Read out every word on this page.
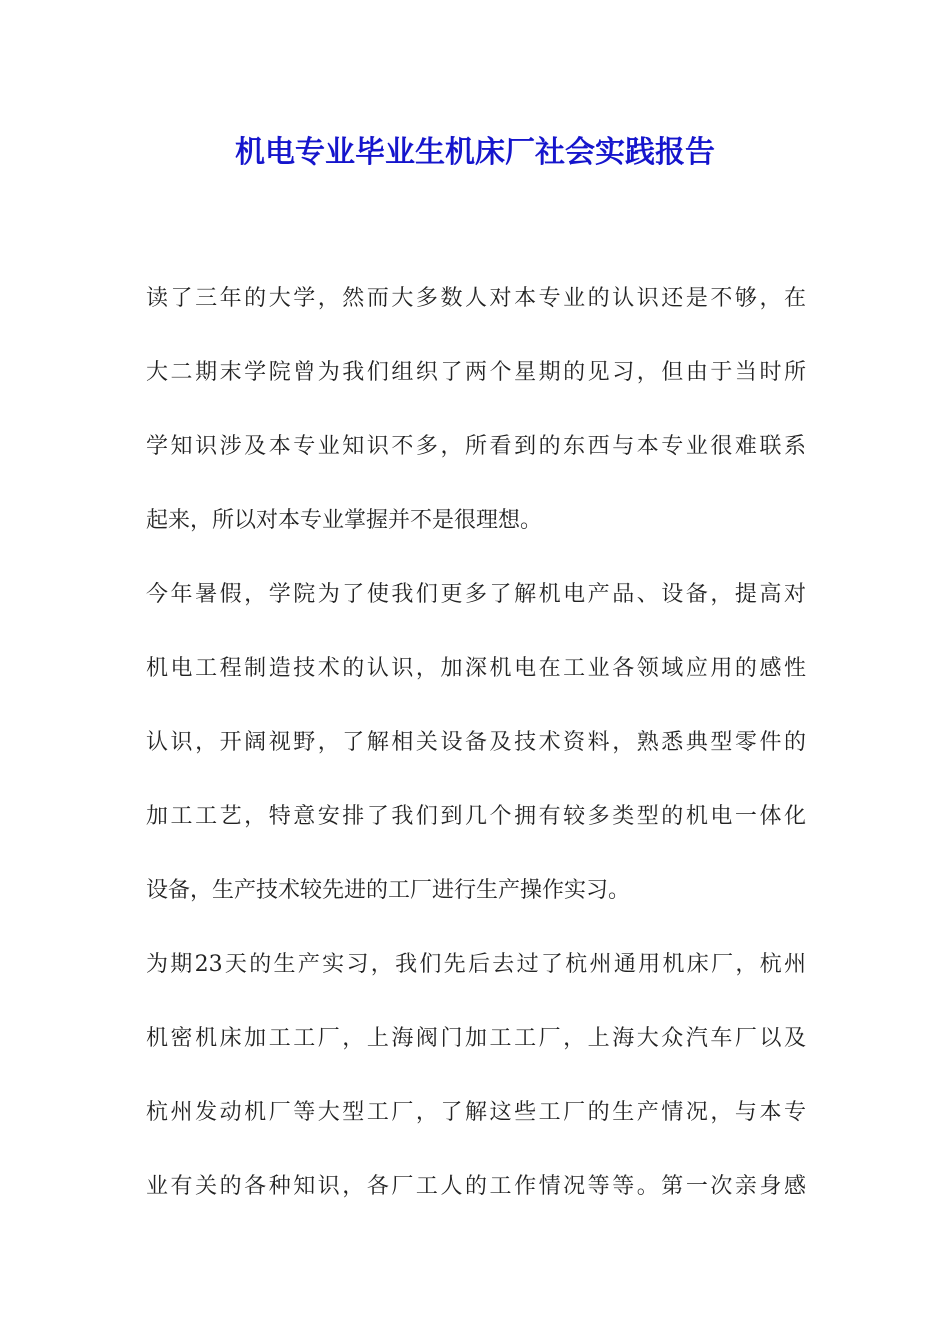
机电专业毕业生机床厂社会实践报告
读了三年的大学，然而大多数人对本专业的认识还是不够，在
大二期末学院曾为我们组织了两个星期的见习，但由于当时所
学知识涉及本专业知识不多，所看到的东西与本专业很难联系
起来，所以对本专业掌握并不是很理想。
今年暑假，学院为了使我们更多了解机电产品、设备，提高对
机电工程制造技术的认识，加深机电在工业各领域应用的感性
认识，开阔视野，了解相关设备及技术资料，熟悉典型零件的
加工工艺，特意安排了我们到几个拥有较多类型的机电一体化
设备，生产技术较先进的工厂进行生产操作实习。
为期23天的生产实习，我们先后去过了杭州通用机床厂，杭州
机密机床加工工厂，上海阀门加工工厂，上海大众汽车厂以及
杭州发动机厂等大型工厂，了解这些工厂的生产情况，与本专
业有关的各种知识，各厂工人的工作情况等等。第一次亲身感
